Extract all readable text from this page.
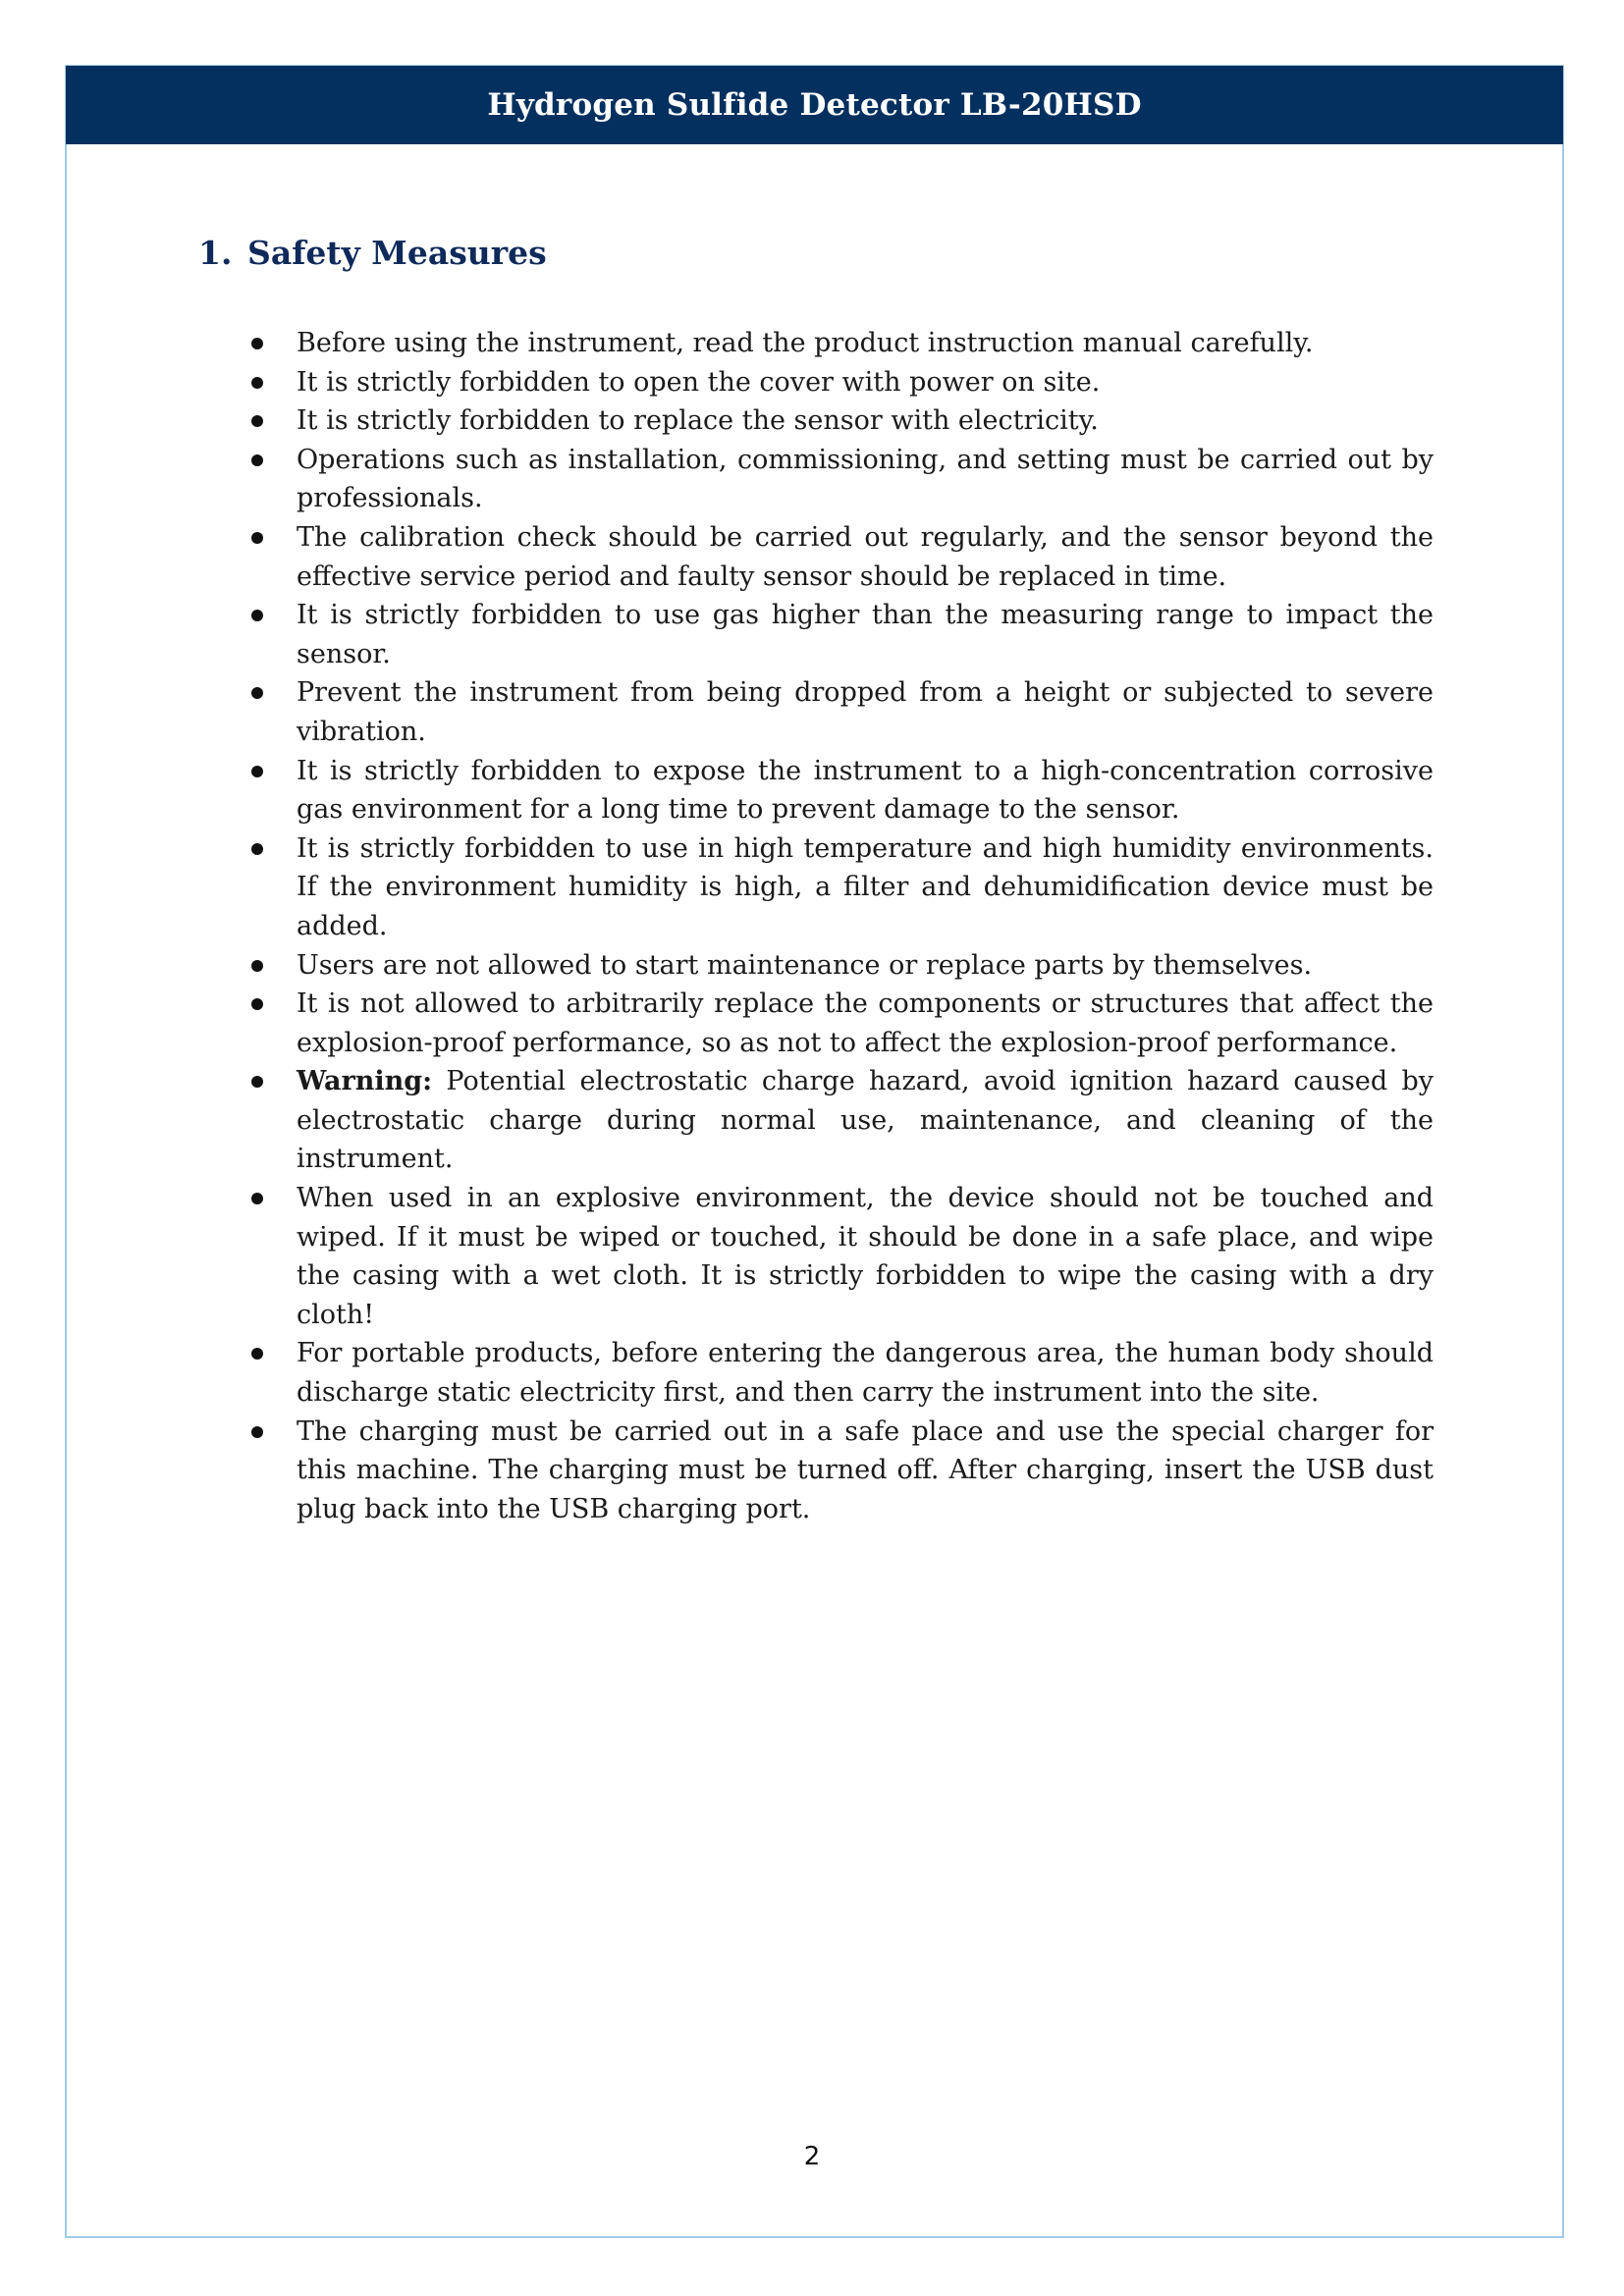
Hydrogen Sulfide Detector LB-20HSD
1. Safety Measures
Before using the instrument, read the product instruction manual carefully.
It is strictly forbidden to open the cover with power on site.
It is strictly forbidden to replace the sensor with electricity.
Operations such as installation, commissioning, and setting must be carried out by professionals.
The calibration check should be carried out regularly, and the sensor beyond the effective service period and faulty sensor should be replaced in time.
It is strictly forbidden to use gas higher than the measuring range to impact the sensor.
Prevent the instrument from being dropped from a height or subjected to severe vibration.
It is strictly forbidden to expose the instrument to a high-concentration corrosive gas environment for a long time to prevent damage to the sensor.
It is strictly forbidden to use in high temperature and high humidity environments. If the environment humidity is high, a filter and dehumidification device must be added.
Users are not allowed to start maintenance or replace parts by themselves.
It is not allowed to arbitrarily replace the components or structures that affect the explosion-proof performance, so as not to affect the explosion-proof performance.
Warning: Potential electrostatic charge hazard, avoid ignition hazard caused by electrostatic charge during normal use, maintenance, and cleaning of the instrument.
When used in an explosive environment, the device should not be touched and wiped. If it must be wiped or touched, it should be done in a safe place, and wipe the casing with a wet cloth. It is strictly forbidden to wipe the casing with a dry cloth!
For portable products, before entering the dangerous area, the human body should discharge static electricity first, and then carry the instrument into the site.
The charging must be carried out in a safe place and use the special charger for this machine. The charging must be turned off. After charging, insert the USB dust plug back into the USB charging port.
2
